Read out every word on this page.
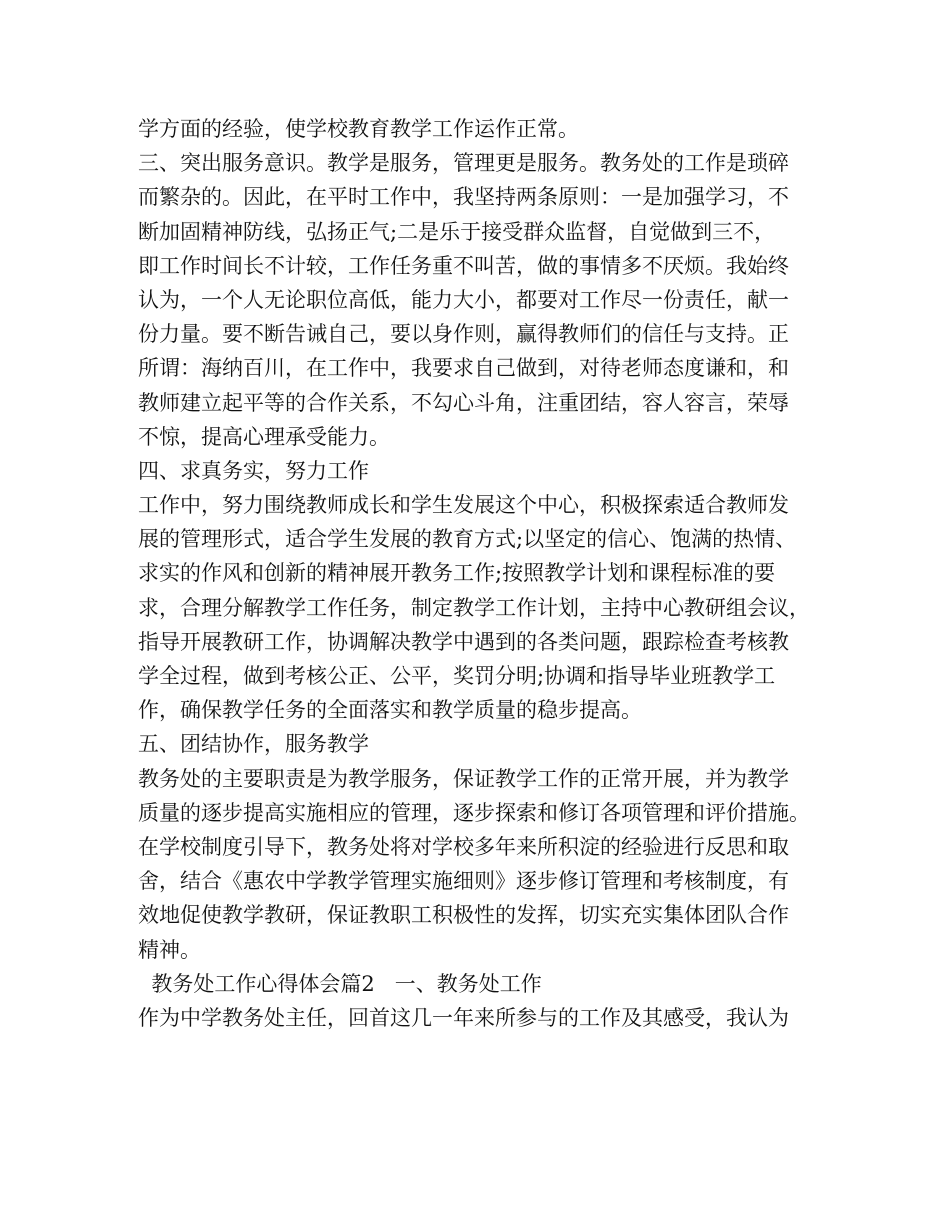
学方面的经验，使学校教育教学工作运作正常。

三、突出服务意识。教学是服务，管理更是服务。教务处的工作是琐碎

而繁杂的。因此，在平时工作中，我坚持两条原则：一是加强学习，不

断加固精神防线，弘扬正气;二是乐于接受群众监督，自觉做到三不，

即工作时间长不计较，工作任务重不叫苦，做的事情多不厌烦。我始终

认为，一个人无论职位高低，能力大小，都要对工作尽一份责任，献一

份力量。要不断告诫自己，要以身作则，赢得教师们的信任与支持。正

所谓：海纳百川，在工作中，我要求自己做到，对待老师态度谦和，和

教师建立起平等的合作关系，不勾心斗角，注重团结，容人容言，荣辱

不惊，提高心理承受能力。

四、求真务实，努力工作

工作中，努力围绕教师成长和学生发展这个中心，积极探索适合教师发

展的管理形式，适合学生发展的教育方式;以坚定的信心、饱满的热情、

求实的作风和创新的精神展开教务工作;按照教学计划和课程标准的要

求，合理分解教学工作任务，制定教学工作计划，主持中心教研组会议，

指导开展教研工作，协调解决教学中遇到的各类问题，跟踪检查考核教

学全过程，做到考核公正、公平，奖罚分明;协调和指导毕业班教学工

作，确保教学任务的全面落实和教学质量的稳步提高。

五、团结协作，服务教学

教务处的主要职责是为教学服务，保证教学工作的正常开展，并为教学

质量的逐步提高实施相应的管理，逐步探索和修订各项管理和评价措施。

在学校制度引导下，教务处将对学校多年来所积淀的经验进行反思和取

舍，结合《惠农中学教学管理实施细则》逐步修订管理和考核制度，有

效地促使教学教研，保证教职工积极性的发挥，切实充实集体团队合作

精神。

教务处工作心得体会篇2   一、教务处工作

作为中学教务处主任，回首这几一年来所参与的工作及其感受，我认为
